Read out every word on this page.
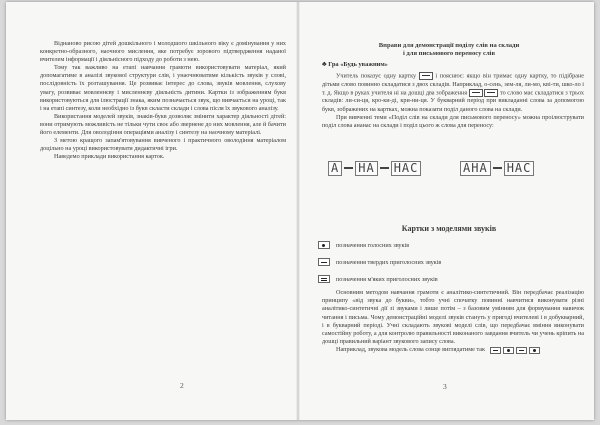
Віднаново рисою дітей дошкільного і молодшого шкільного віку є домінування у них конкретно-образного, наочного мислення, яке потребує зорового підтвердження наданої вчителем інформації і діяльнісного підходу до роботи з нею.

Тому так важливо на етапі навчання грамоти використовувати матеріал, який допомагатиме в аналізі звукової структури слів, і унаочнюватиме кількість звуків у слові, послідовність їх розташування. Це розвиває інтерес до слова, звуків мовлення, слухову увагу, розвиває мовленнєву і мисленнєву діяльність дитини. Картки із зображенням букв використовуються для ілюстрації знака, яким позначається звук, що вивчається на уроці, так і на етапі синтезу, коли необхідно із букв скласти склади і слова після їх звукового аналізу.

Використання моделей звуків, знаків-букв дозволяє змінити характер діяльності дітей: вони отримують можливість не тільки чути своє або звернене до них мовлення, але й бачити його елементи. Для оволодіння операціями аналізу і синтезу на наочному матеріалі.

З метою кращого запам'ятовування вивченого і практичного оволодіння матеріалом доцільно на уроці використовувати дидактичні ігри.

Наведемо приклади використання карток.

2
Вправи для демонстрації поділу слів на склади
і для письмового переносу слів
♣ Гра «Будь уважним»

Учитель показує одну картку	і пояснює: якщо він тримає одну картку, то підібране дітьми слово повинно складатися з двох складів. Наприклад, о-сень, зем-ля, ли-мо, кві-ти, шко-ло і т. д. Якщо в руках учителя ні на дошці два зображення
	то слово має складатися з трьох складів: ли-си-ця, кро-ки-ді, кри-ни-ця. У букварний період при викладанні слова за допомогою букв, зображених на картках, можна показати поділ даного слова на склади.

При вивченні теми «Поділ слів на склади для письмового переносу» можна проілюструвати поділ слова ананас на склади і поділ цього ж слова для переносу:

А НА НАС	АНА НАС
Картки з моделями звуків
позначення голосних звуків
позначення твердих приголосних звуків
позначення м'яких приголосних звуків

Основним методом навчання грамоти є аналітико-синтетичний. Він передбачає реалізацію принципу «від звука до букви», тобто учні спочатку повинні навчитися виконувати різні аналітико-синтетичні дії зі звуками і лише потім – з базовим умінням для формування навичок читання і письма. Чому демонстраційні моделі звуків стануть у пригоді вчителеві і в добукварний, і в букварний періоді. Учні складають звукові моделі слів, що передбачає вміння виконувати самостійну роботу, а для контролю правильності виконаного завдання вчитель чи учень кріпить на дошці правильний варіант звукового запису слова.

Наприклад, звукова модель слова сонце виглядатиме так

3
